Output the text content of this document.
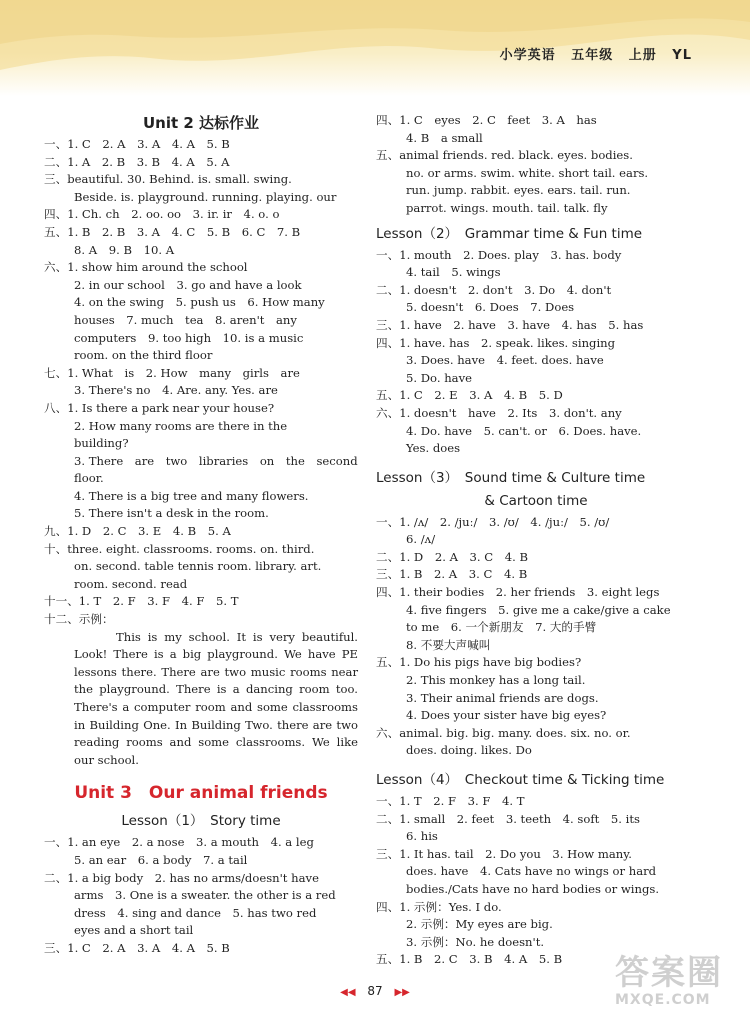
小学英语 五年级 上册 YL
Unit 2 达标作业
一、1. C　2. A　3. A　4. A　5. B
二、1. A　2. B　3. B　4. A　5. A
三、beautiful. 30. Behind. is. small. swing.
Beside. is. playground. running. playing. our
四、1. Ch. ch　2. oo. oo　3. ir. ir　4. o. o
五、1. B　2. B　3. A　4. C　5. B　6. C　7. B
8. A　9. B　10. A
六、1. show him around the school
2. in our school　3. go and have a look
4. on the swing　5. push us　6. How many
houses　7. much　tea　8. aren't　any
computers　9. too high　10. is a music
room. on the third floor
七、1. What　is　2. How　many　girls　are
3. There's no　4. Are. any. Yes. are
八、1. Is there a park near your house?
2. How many rooms are there in the
building?
3. There　are　two　libraries　on　the　second
floor.
4. There is a big tree and many flowers.
5. There isn't a desk in the room.
九、1. D　2. C　3. E　4. B　5. A
十、three. eight. classrooms. rooms. on. third.
on. second. table tennis room. library. art.
room. second. read
十一、1. T　2. F　3. F　4. F　5. T
十二、示例：
This is my school. It is very beautiful. Look! There is a big playground. We have PE lessons there. There are two music rooms near the playground. There is a dancing room too. There's a computer room and some classrooms in Building One. In Building Two. there are two reading rooms and some classrooms. We like our school.
Unit 3　Our animal friends
Lesson（1）　Story time
一、1. an eye　2. a nose　3. a mouth　4. a leg
5. an ear　6. a body　7. a tail
二、1. a big body　2. has no arms/doesn't have
arms　3. One is a sweater. the other is a red
dress　4. sing and dance　5. has two red
eyes and a short tail
三、1. C　2. A　3. A　4. A　5. B
四、1. C　eyes　2. C　feet　3. A　has
4. B　a small
五、animal friends. red. black. eyes. bodies.
no. or arms. swim. white. short tail. ears.
run. jump. rabbit. eyes. ears. tail. run.
parrot. wings. mouth. tail. talk. fly
Lesson（2）　Grammar time & Fun time
一、1. mouth　2. Does. play　3. has. body
4. tail　5. wings
二、1. doesn't　2. don't　3. Do　4. don't
5. doesn't　6. Does　7. Does
三、1. have　2. have　3. have　4. has　5. has
四、1. have. has　2. speak. likes. singing
3. Does. have　4. feet. does. have
5. Do. have
五、1. C　2. E　3. A　4. B　5. D
六、1. doesn't　have　2. Its　3. don't. any
4. Do. have　5. can't. or　6. Does. have.
Yes. does
Lesson（3）　Sound time & Culture time
& Cartoon time
一、1. /ʌ/　2. /juː/　3. /ʊ/　4. /juː/　5. /ʊ/
6. /ʌ/
二、1. D　2. A　3. C　4. B
三、1. B　2. A　3. C　4. B
四、1. their bodies　2. her friends　3. eight legs
4. five fingers　5. give me a cake/give a cake
to me　6. 一个新朋友　7. 大的手臂
8. 不要大声喊叫
五、1. Do his pigs have big bodies?
2. This monkey has a long tail.
3. Their animal friends are dogs.
4. Does your sister have big eyes?
六、animal. big. big. many. does. six. no. or.
does. doing. likes. Do
Lesson（4）　Checkout time & Ticking time
一、1. T　2. F　3. F　4. T
二、1. small　2. feet　3. teeth　4. soft　5. its
6. his
三、1. It has. tail　2. Do you　3. How many.
does. have　4. Cats have no wings or hard
bodies./Cats have no hard bodies or wings.
四、1. 示例：Yes. I do.
2. 示例：My eyes are big.
3. 示例：No. he doesn't.
五、1. B　2. C　3. B　4. A　5. B
◀◀ 87 ▶▶	答案圈
MXQE.COM
